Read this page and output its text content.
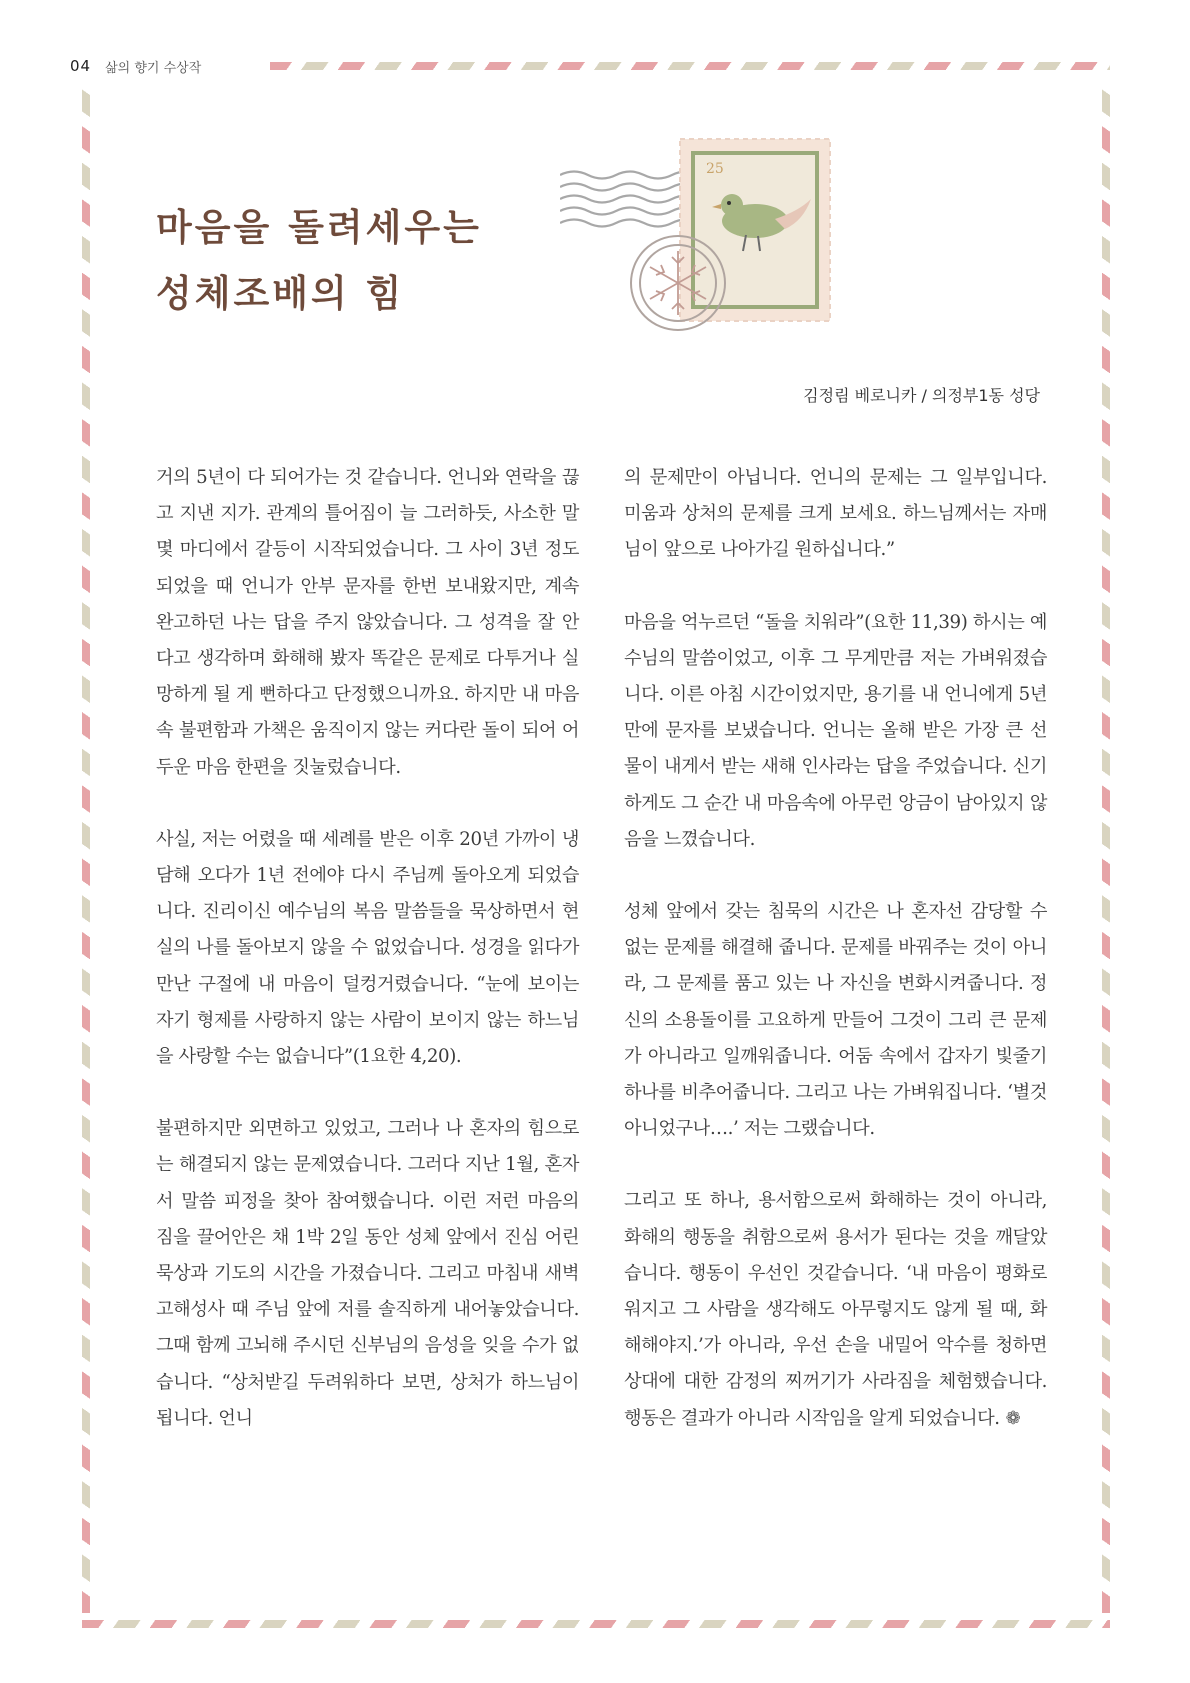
04 삶의 향기 수상작
마음을 돌려세우는
성체조배의 힘
25
김정림 베로니카 / 의정부1동 성당

거의 5년이 다 되어가는 것 같습니다. 언니와 연락을 끊고 지낸 지가. 관계의 틀어짐이 늘 그러하듯, 사소한 말 몇 마디에서 갈등이 시작되었습니다. 그 사이 3년 정도 되었을 때 언니가 안부 문자를 한번 보내왔지만, 계속 완고하던 나는 답을 주지 않았습니다. 그 성격을 잘 안다고 생각하며 화해해 봤자 똑같은 문제로 다투거나 실망하게 될 게 뻔하다고 단정했으니까요. 하지만 내 마음속 불편함과 가책은 움직이지 않는 커다란 돌이 되어 어두운 마음 한편을 짓눌렀습니다.

사실, 저는 어렸을 때 세례를 받은 이후 20년 가까이 냉담해 오다가 1년 전에야 다시 주님께 돌아오게 되었습니다. 진리이신 예수님의 복음 말씀들을 묵상하면서 현실의 나를 돌아보지 않을 수 없었습니다. 성경을 읽다가 만난 구절에 내 마음이 덜컹거렸습니다. “눈에 보이는 자기 형제를 사랑하지 않는 사람이 보이지 않는 하느님을 사랑할 수는 없습니다”(1요한 4,20).

불편하지만 외면하고 있었고, 그러나 나 혼자의 힘으로는 해결되지 않는 문제였습니다. 그러다 지난 1월, 혼자서 말씀 피정을 찾아 참여했습니다. 이런 저런 마음의 짐을 끌어안은 채 1박 2일 동안 성체 앞에서 진심 어린 묵상과 기도의 시간을 가졌습니다. 그리고 마침내 새벽 고해성사 때 주님 앞에 저를 솔직하게 내어놓았습니다. 그때 함께 고뇌해 주시던 신부님의 음성을 잊을 수가 없습니다. “상처받길 두려워하다 보면, 상처가 하느님이 됩니다. 언니

의 문제만이 아닙니다. 언니의 문제는 그 일부입니다. 미움과 상처의 문제를 크게 보세요. 하느님께서는 자매님이 앞으로 나아가길 원하십니다.”

마음을 억누르던 “돌을 치워라”(요한 11,39) 하시는 예수님의 말씀이었고, 이후 그 무게만큼 저는 가벼워졌습니다. 이른 아침 시간이었지만, 용기를 내 언니에게 5년 만에 문자를 보냈습니다. 언니는 올해 받은 가장 큰 선물이 내게서 받는 새해 인사라는 답을 주었습니다. 신기하게도 그 순간 내 마음속에 아무런 앙금이 남아있지 않음을 느꼈습니다.

성체 앞에서 갖는 침묵의 시간은 나 혼자선 감당할 수 없는 문제를 해결해 줍니다. 문제를 바꿔주는 것이 아니라, 그 문제를 품고 있는 나 자신을 변화시켜줍니다. 정신의 소용돌이를 고요하게 만들어 그것이 그리 큰 문제가 아니라고 일깨워줍니다. 어둠 속에서 갑자기 빛줄기 하나를 비추어줍니다. 그리고 나는 가벼워집니다. ‘별것 아니었구나….’ 저는 그랬습니다.

그리고 또 하나, 용서함으로써 화해하는 것이 아니라, 화해의 행동을 취함으로써 용서가 된다는 것을 깨달았습니다. 행동이 우선인 것같습니다. ‘내 마음이 평화로워지고 그 사람을 생각해도 아무렇지도 않게 될 때, 화해해야지.’가 아니라, 우선 손을 내밀어 악수를 청하면 상대에 대한 감정의 찌꺼기가 사라짐을 체험했습니다. 행동은 결과가 아니라 시작임을 알게 되었습니다. ❁
